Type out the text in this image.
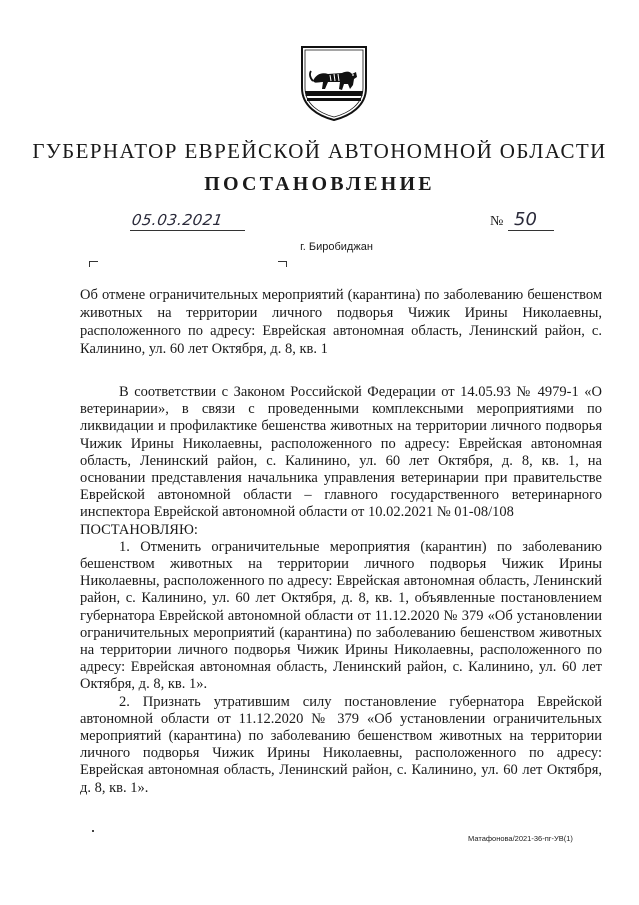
ГУБЕРНАТОР ЕВРЕЙСКОЙ АВТОНОМНОЙ ОБЛАСТИ
ПОСТАНОВЛЕНИЕ
05.03.2021	№ 50
г. Биробиджан

Об отмене ограничительных мероприятий (карантина) по заболеванию бешенством животных на территории личного подворья Чижик Ирины Николаевны, расположенного по адресу: Еврейская автономная область, Ленинский район, с. Калинино, ул. 60 лет Октября, д. 8, кв. 1

В соответствии с Законом Российской Федерации от 14.05.93 № 4979-1 «О ветеринарии», в связи с проведенными комплексными мероприятиями по ликвидации и профилактике бешенства животных на территории личного подворья Чижик Ирины Николаевны, расположенного по адресу: Еврейская автономная область, Ленинский район, с. Калинино, ул. 60 лет Октября, д. 8, кв. 1, на основании представления начальника управления ветеринарии при правительстве Еврейской автономной области – главного государственного ветеринарного инспектора Еврейской автономной области от 10.02.2021 № 01-08/108

ПОСТАНОВЛЯЮ:

1. Отменить ограничительные мероприятия (карантин) по заболеванию бешенством животных на территории личного подворья Чижик Ирины Николаевны, расположенного по адресу: Еврейская автономная область, Ленинский район, с. Калинино, ул. 60 лет Октября, д. 8, кв. 1, объявленные постановлением губернатора Еврейской автономной области от 11.12.2020 № 379 «Об установлении ограничительных мероприятий (карантина) по заболеванию бешенством животных на территории личного подворья Чижик Ирины Николаевны, расположенного по адресу: Еврейская автономная область, Ленинский район, с. Калинино, ул. 60 лет Октября, д. 8, кв. 1».

2. Признать утратившим силу постановление губернатора Еврейской автономной области от 11.12.2020 № 379 «Об установлении ограничительных мероприятий (карантина) по заболеванию бешенством животных на территории личного подворья Чижик Ирины Николаевны, расположенного по адресу: Еврейская автономная область, Ленинский район, с. Калинино, ул. 60 лет Октября, д. 8, кв. 1».

Матафонова/2021-36-пг-УВ(1)
